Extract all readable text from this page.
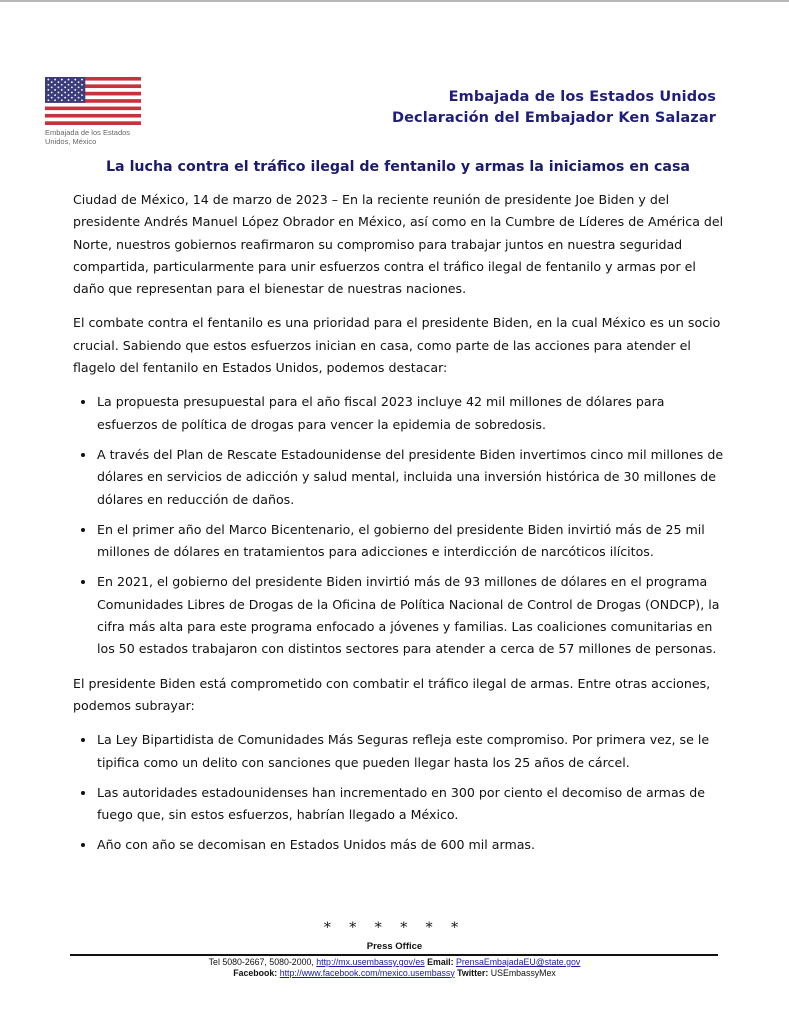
Embajada de los Estados
Unidos, México
Embajada de los Estados Unidos
Declaración del Embajador Ken Salazar
La lucha contra el tráfico ilegal de fentanilo y armas la iniciamos en casa

Ciudad de México, 14 de marzo de 2023 – En la reciente reunión de presidente Joe Biden y del presidente Andrés Manuel López Obrador en México, así como en la Cumbre de Líderes de América del Norte, nuestros gobiernos reafirmaron su compromiso para trabajar juntos en nuestra seguridad compartida, particularmente para unir esfuerzos contra el tráfico ilegal de fentanilo y armas por el daño que representan para el bienestar de nuestras naciones.

El combate contra el fentanilo es una prioridad para el presidente Biden, en la cual México es un socio crucial. Sabiendo que estos esfuerzos inician en casa, como parte de las acciones para atender el flagelo del fentanilo en Estados Unidos, podemos destacar:

La propuesta presupuestal para el año fiscal 2023 incluye 42 mil millones de dólares para esfuerzos de política de drogas para vencer la epidemia de sobredosis.
A través del Plan de Rescate Estadounidense del presidente Biden invertimos cinco mil millones de dólares en servicios de adicción y salud mental, incluida una inversión histórica de 30 millones de dólares en reducción de daños.
En el primer año del Marco Bicentenario, el gobierno del presidente Biden invirtió más de 25 mil millones de dólares en tratamientos para adicciones e interdicción de narcóticos ilícitos.
En 2021, el gobierno del presidente Biden invirtió más de 93 millones de dólares en el programa Comunidades Libres de Drogas de la Oficina de Política Nacional de Control de Drogas (ONDCP), la cifra más alta para este programa enfocado a jóvenes y familias. Las coaliciones comunitarias en los 50 estados trabajaron con distintos sectores para atender a cerca de 57 millones de personas.

El presidente Biden está comprometido con combatir el tráfico ilegal de armas. Entre otras acciones, podemos subrayar:

La Ley Bipartidista de Comunidades Más Seguras refleja este compromiso. Por primera vez, se le tipifica como un delito con sanciones que pueden llegar hasta los 25 años de cárcel.
Las autoridades estadounidenses han incrementado en 300 por ciento el decomiso de armas de fuego que, sin estos esfuerzos, habrían llegado a México.
Año con año se decomisan en Estados Unidos más de 600 mil armas.
* * * * * *
Press Office
Tel 5080-2667, 5080-2000, http://mx.usembassy.gov/es Email: PrensaEmbajadaEU@state.gov
Facebook: http://www.facebook.com/mexico.usembassy Twitter: USEmbassyMex
